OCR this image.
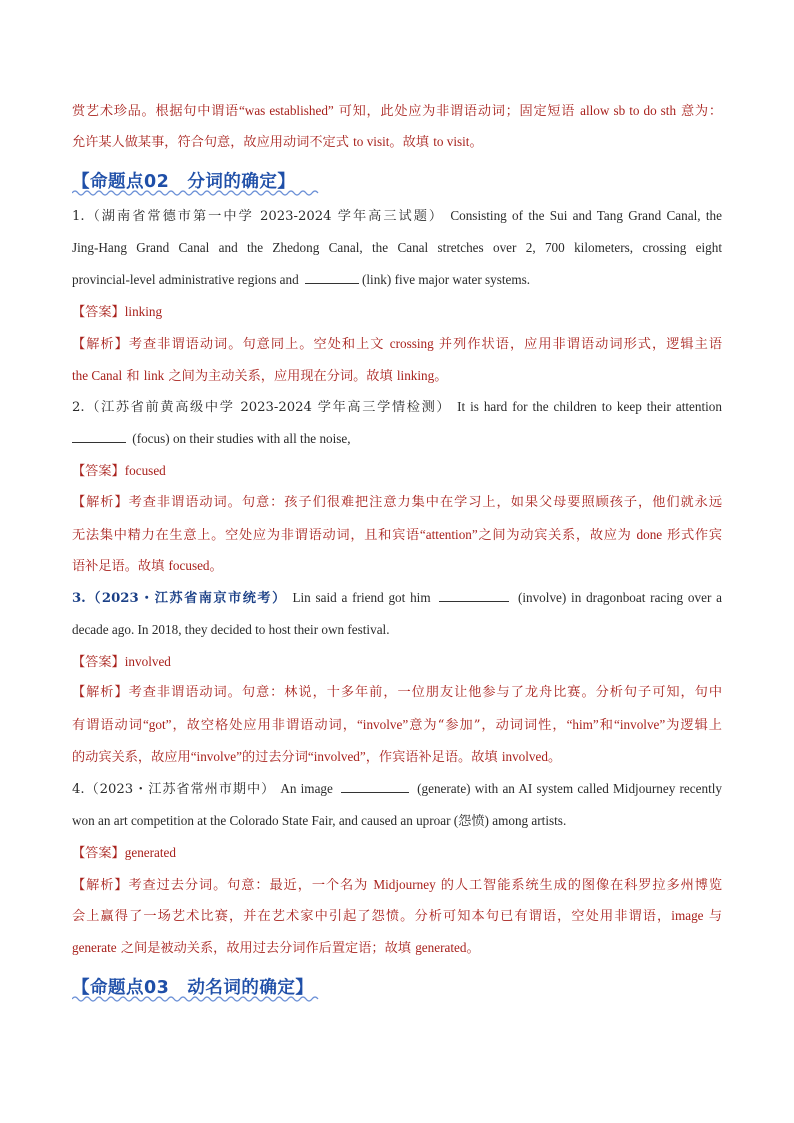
赏艺术珍品。根据句中谓语“was established” 可知，此处应为非谓语动词；固定短语 allow sb to do sth 意为：
允许某人做某事，符合句意，故应用动词不定式 to visit。故填 to visit。
【命题点02　分词的确定】
1.（湖南省常德市第一中学 2023-2024 学年高三试题） Consisting of the Sui and Tang Grand Canal, the
Jing-Hang Grand Canal and the Zhedong Canal, the Canal stretches over 2, 700 kilometers, crossing eight
provincial-level administrative regions and	(link) five major water systems.
【答案】linking
【解析】考查非谓语动词。句意同上。空处和上文 crossing 并列作状语，应用非谓语动词形式，逻辑主语
the Canal 和 link 之间为主动关系，应用现在分词。故填 linking。
2.（江苏省前黄高级中学 2023-2024 学年高三学情检测） It is hard for the children to keep their attention
(focus) on their studies with all the noise,
【答案】focused
【解析】考查非谓语动词。句意：孩子们很难把注意力集中在学习上，如果父母要照顾孩子，他们就永远
无法集中精力在生意上。空处应为非谓语动词，且和宾语“attention”之间为动宾关系，故应为 done 形式作宾
语补足语。故填 focused。
3.（2023・江苏省南京市统考） Lin said a friend got him	(involve) in dragonboat racing over a
decade ago. In 2018, they decided to host their own festival.
【答案】involved
【解析】考查非谓语动词。句意：林说，十多年前，一位朋友让他参与了龙舟比赛。分析句子可知，句中
有谓语动词“got”，故空格处应用非谓语动词，“involve”意为“参加”，动词词性，“him”和“involve”为逻辑上
的动宾关系，故应用“involve”的过去分词“involved”，作宾语补足语。故填 involved。
4.（2023・江苏省常州市期中） An image	(generate) with an AI system called Midjourney recently
won an art competition at the Colorado State Fair, and caused an uproar (怨愤) among artists.
【答案】generated
【解析】考查过去分词。句意：最近，一个名为 Midjourney 的人工智能系统生成的图像在科罗拉多州博览
会上赢得了一场艺术比赛，并在艺术家中引起了怨愤。分析可知本句已有谓语，空处用非谓语，image 与
generate 之间是被动关系，故用过去分词作后置定语；故填 generated。
【命题点03　动名词的确定】
